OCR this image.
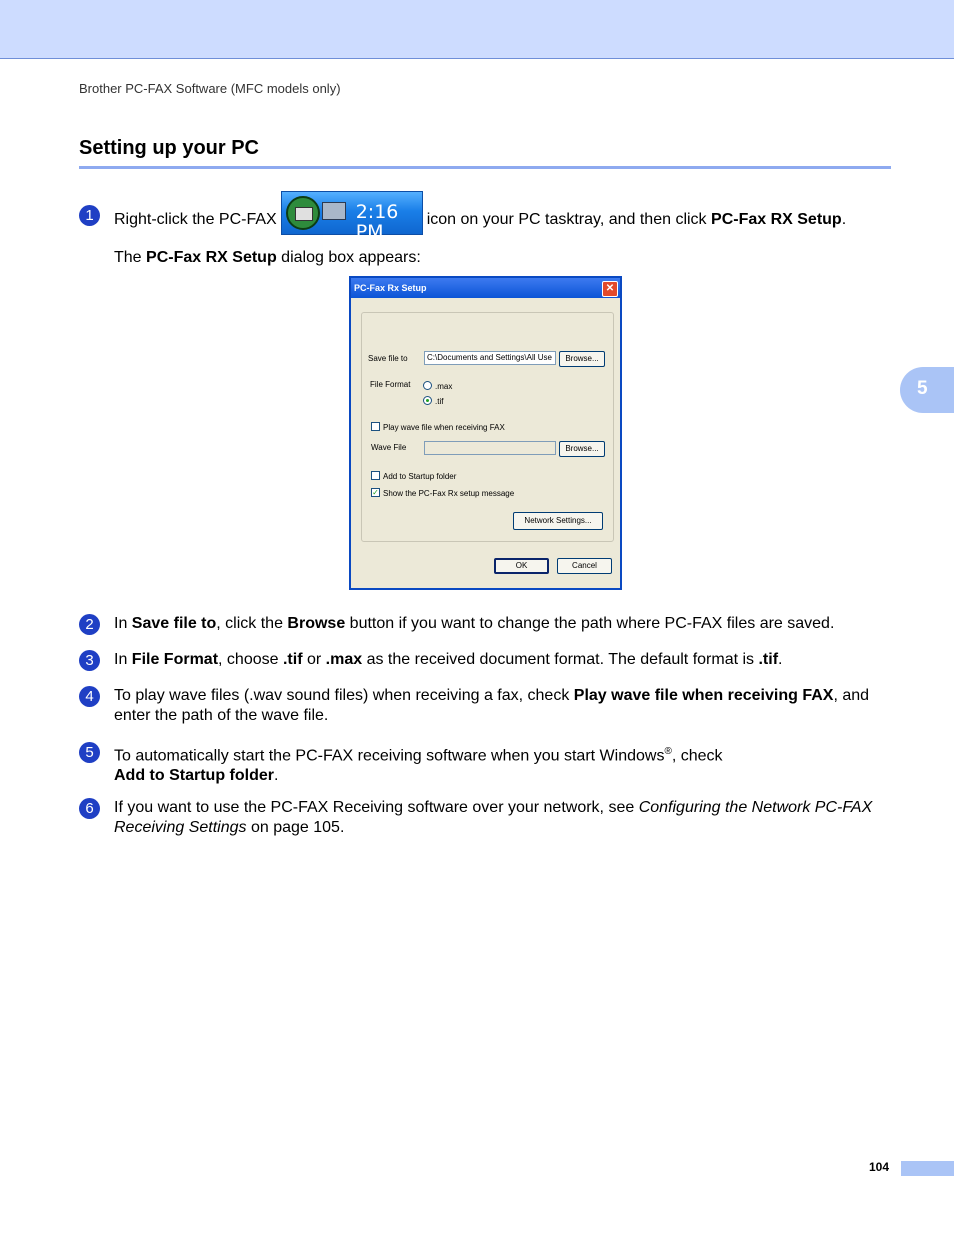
Brother PC-FAX Software (MFC models only)
Setting up your PC
5
1	Right-click the PC-FAX	2:16 PM
icon on your PC tasktray, and then click PC-Fax RX Setup.
The PC-Fax RX Setup dialog box appears:
PC-Fax Rx Setup	✕
Save file to	C:\Documents and Settings\All Use	Browse...
File Format	.max
.tif
Play wave file when receiving FAX
Wave File	Browse...
Add to Startup folder
✓ Show the PC-Fax Rx setup message
Network Settings...
OK	Cancel
2	In Save file to, click the Browse button if you want to change the path where PC-FAX files are saved.
3	In File Format, choose .tif or .max as the received document format. The default format is .tif.
4	To play wave files (.wav sound files) when receiving a fax, check Play wave file when receiving FAX, and enter the path of the wave file.
5	To automatically start the PC-FAX receiving software when you start Windows®, check
Add to Startup folder.
6	If you want to use the PC-FAX Receiving software over your network, see Configuring the Network PC-FAX Receiving Settings on page 105.
104
